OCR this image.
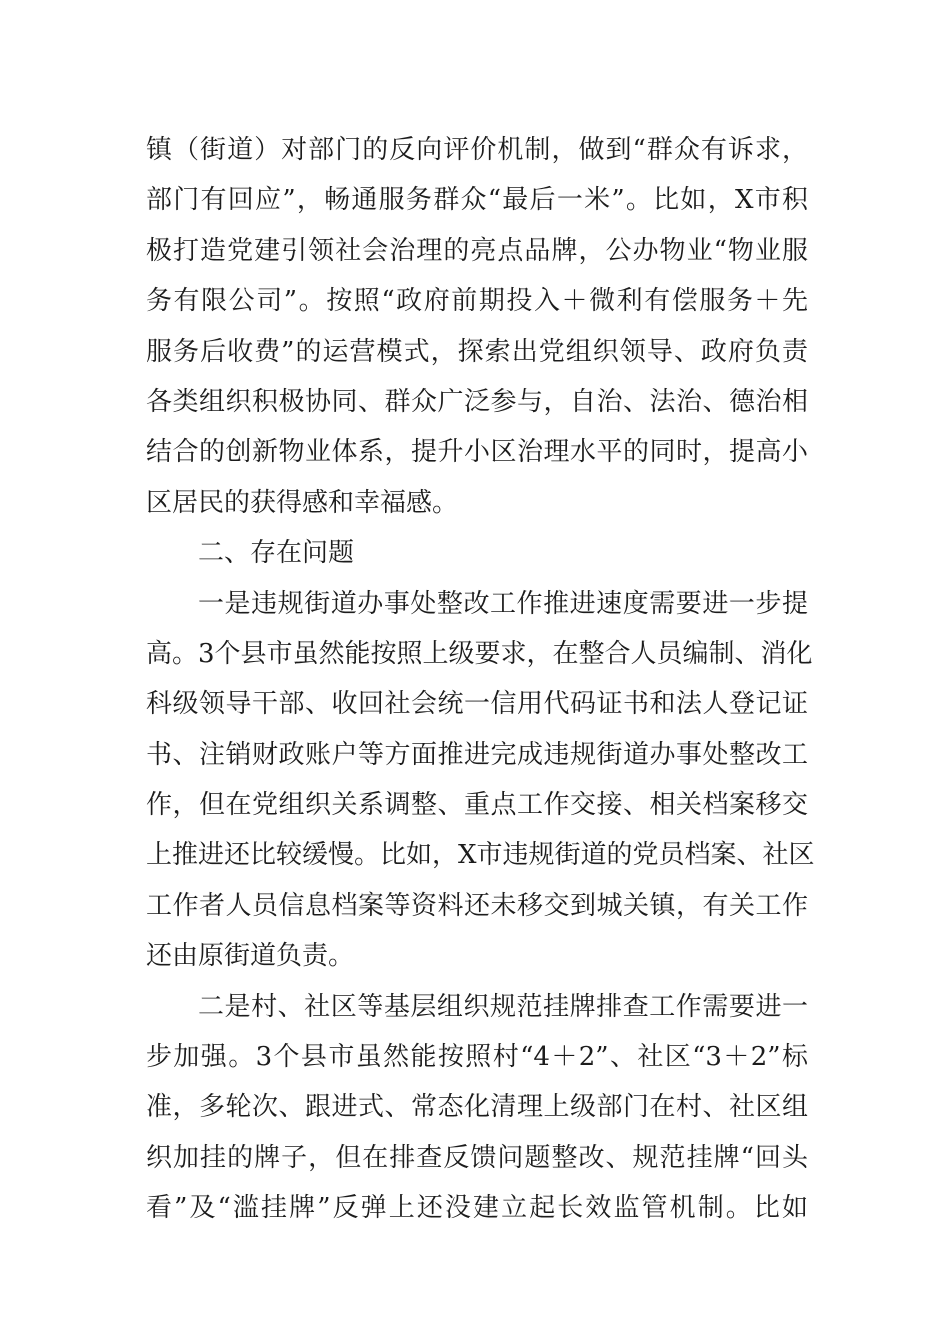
镇（街道）对部门的反向评价机制，做到“群众有诉求，
部门有回应”，畅通服务群众“最后一米”。比如，X市积
极打造党建引领社会治理的亮点品牌，公办物业“物业服
务有限公司”。按照“政府前期投入＋微利有偿服务＋先
服务后收费”的运营模式，探索出党组织领导、政府负责
各类组织积极协同、群众广泛参与，自治、法治、德治相
结合的创新物业体系，提升小区治理水平的同时，提高小
区居民的获得感和幸福感。
二、存在问题
一是违规街道办事处整改工作推进速度需要进一步提
高。3个县市虽然能按照上级要求，在整合人员编制、消化
科级领导干部、收回社会统一信用代码证书和法人登记证
书、注销财政账户等方面推进完成违规街道办事处整改工
作，但在党组织关系调整、重点工作交接、相关档案移交
上推进还比较缓慢。比如，X市违规街道的党员档案、社区
工作者人员信息档案等资料还未移交到城关镇，有关工作
还由原街道负责。
二是村、社区等基层组织规范挂牌排查工作需要进一
步加强。3个县市虽然能按照村“4＋2”、社区“3＋2”标
准，多轮次、跟进式、常态化清理上级部门在村、社区组
织加挂的牌子，但在排查反馈问题整改、规范挂牌“回头
看”及“滥挂牌”反弹上还没建立起长效监管机制。比如
